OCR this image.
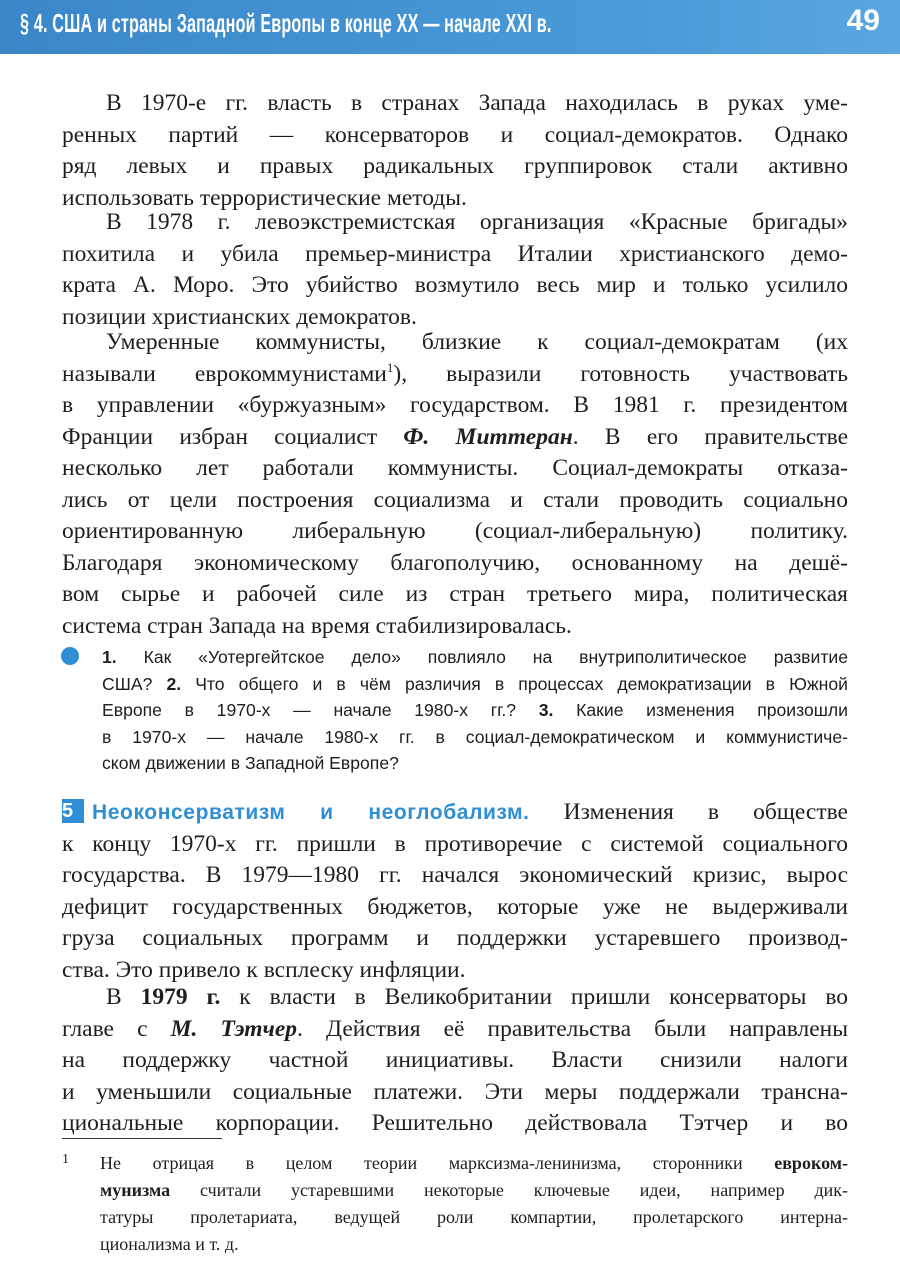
§ 4. США и страны Западной Европы в конце XX — начале XXI в.	49
В 1970-е гг. власть в странах Запада находилась в руках уме-
ренных партий — консерваторов и социал-демократов. Однако
ряд левых и правых радикальных группировок стали активно
использовать террористические методы.
В 1978 г. левоэкстремистская организация «Красные бригады»
похитила и убила премьер-министра Италии христианского демо-
крата А. Моро. Это убийство возмутило весь мир и только усилило
позиции христианских демократов.
Умеренные коммунисты, близкие к социал-демократам (их
называли еврокоммунистами$^1$), выразили готовность участвовать
в управлении «буржуазным» государством. В 1981 г. президентом
Франции избран социалист Ф. Миттеран. В его правительстве
несколько лет работали коммунисты. Социал-демократы отказа-
лись от цели построения социализма и стали проводить социально
ориентированную либеральную (социал-либеральную) политику.
Благодаря экономическому благополучию, основанному на дешё-
вом сырье и рабочей силе из стран третьего мира, политическая
система стран Запада на время стабилизировалась.
1. Как «Уотергейтское дело» повлияло на внутриполитическое развитие
США? 2. Что общего и в чём различия в процессах демократизации в Южной
Европе в 1970-х — начале 1980-х гг.? 3. Какие изменения произошли
в 1970-х — начале 1980-х гг. в социал-демократическом и коммунистиче-
ском движении в Западной Европе?
5 Неоконсерватизм и неоглобализм. Изменения в обществе
к концу 1970-х гг. пришли в противоречие с системой социального
государства. В 1979—1980 гг. начался экономический кризис, вырос
дефицит государственных бюджетов, которые уже не выдерживали
груза социальных программ и поддержки устаревшего производ-
ства. Это привело к всплеску инфляции.
В 1979 г. к власти в Великобритании пришли консерваторы во
главе с М. Тэтчер. Действия её правительства были направлены
на поддержку частной инициативы. Власти снизили налоги
и уменьшили социальные платежи. Эти меры поддержали трансна-
циональные корпорации. Решительно действовала Тэтчер и во
1 Не отрицая в целом теории марксизма-ленинизма, сторонники евроком-
мунизма считали устаревшими некоторые ключевые идеи, например дик-
татуры пролетариата, ведущей роли компартии, пролетарского интерна-
ционализма и т. д.
